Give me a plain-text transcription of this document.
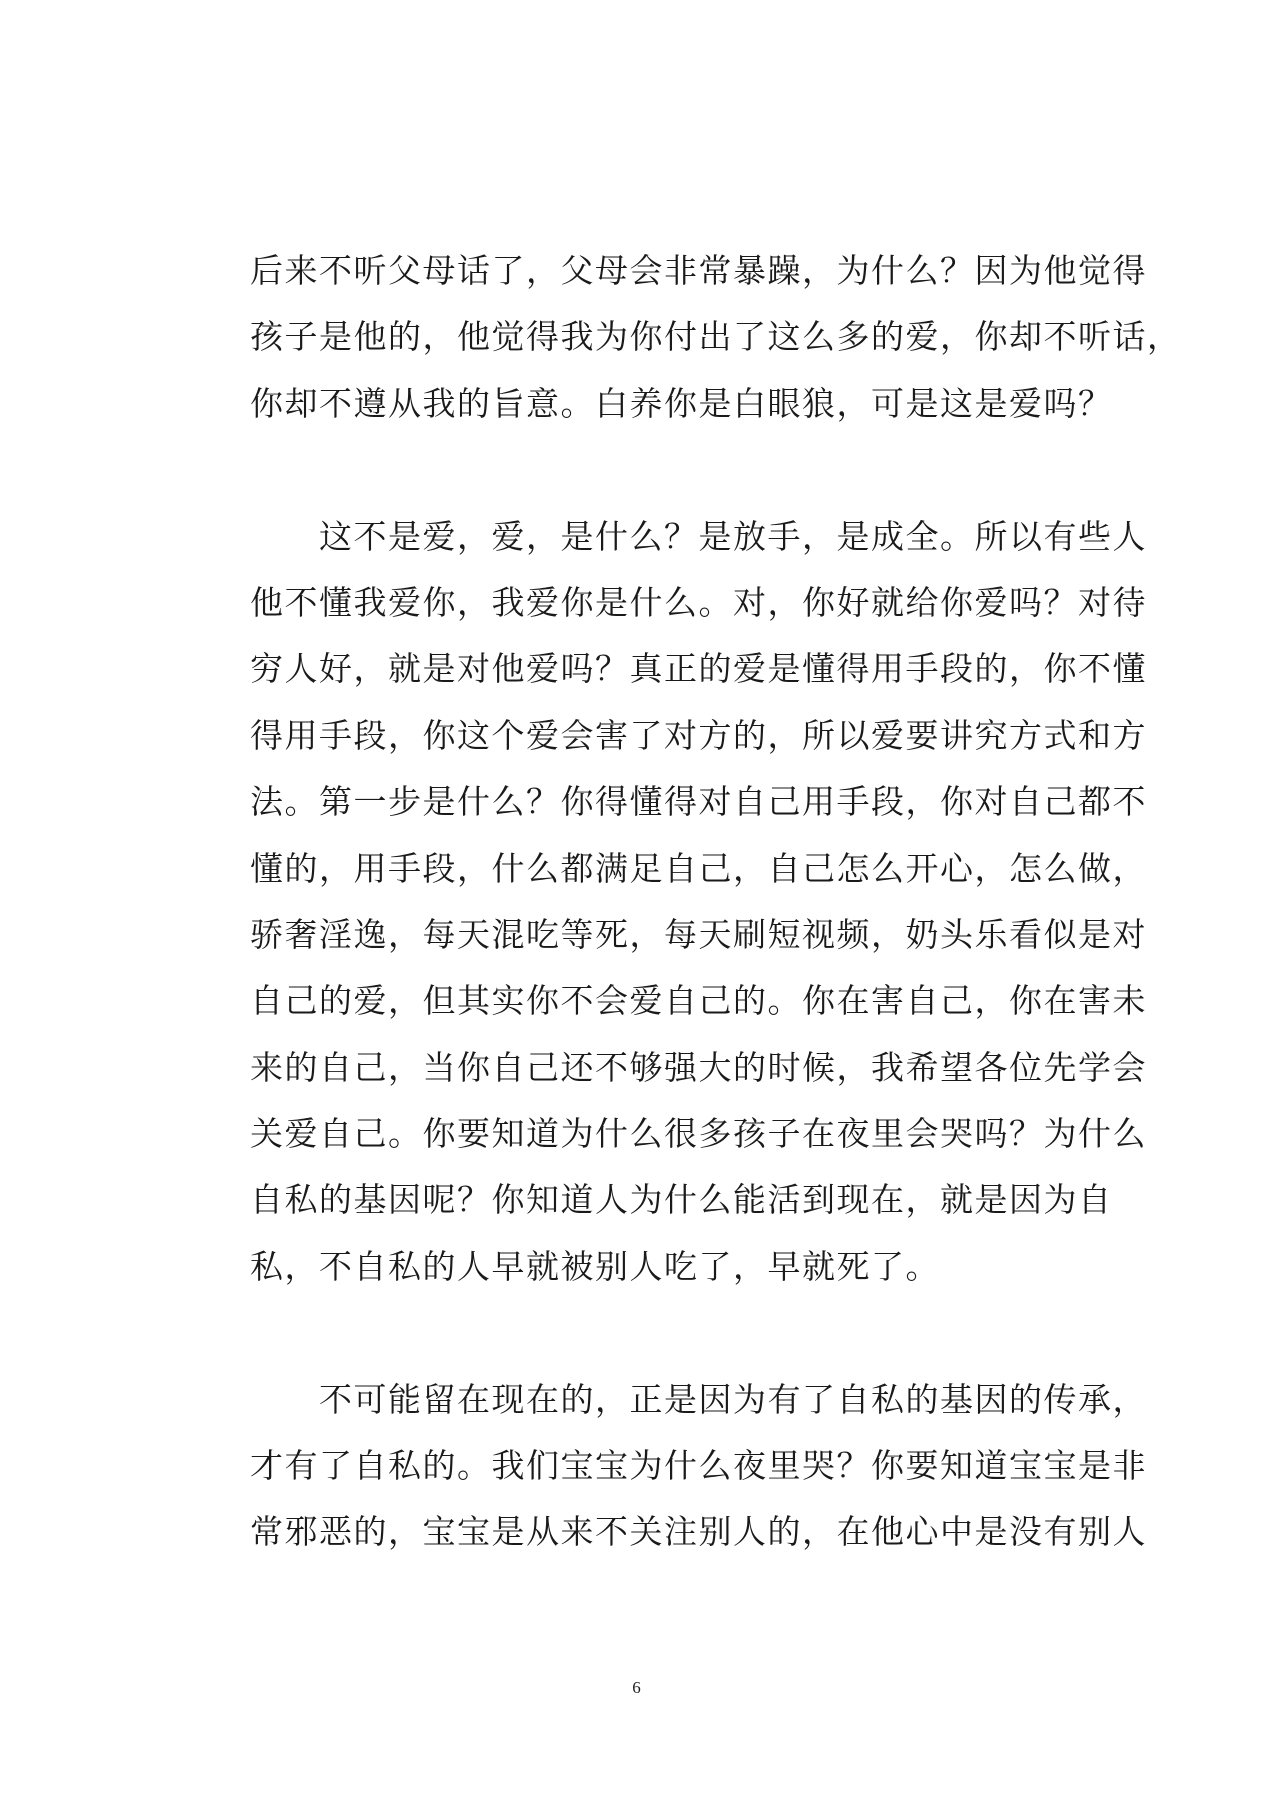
后来不听父母话了，父母会非常暴躁，为什么？因为他觉得
孩子是他的，他觉得我为你付出了这么多的爱，你却不听话，
你却不遵从我的旨意。白养你是白眼狼，可是这是爱吗？
　　这不是爱，爱，是什么？是放手，是成全。所以有些人
他不懂我爱你，我爱你是什么。对，你好就给你爱吗？对待
穷人好，就是对他爱吗？真正的爱是懂得用手段的，你不懂
得用手段，你这个爱会害了对方的，所以爱要讲究方式和方
法。第一步是什么？你得懂得对自己用手段，你对自己都不
懂的，用手段，什么都满足自己，自己怎么开心，怎么做，
骄奢淫逸，每天混吃等死，每天刷短视频，奶头乐看似是对
自己的爱，但其实你不会爱自己的。你在害自己，你在害未
来的自己，当你自己还不够强大的时候，我希望各位先学会
关爱自己。你要知道为什么很多孩子在夜里会哭吗？为什么
自私的基因呢？你知道人为什么能活到现在，就是因为自
私，不自私的人早就被别人吃了，早就死了。
　　不可能留在现在的，正是因为有了自私的基因的传承，
才有了自私的。我们宝宝为什么夜里哭？你要知道宝宝是非
常邪恶的，宝宝是从来不关注别人的，在他心中是没有别人
6
